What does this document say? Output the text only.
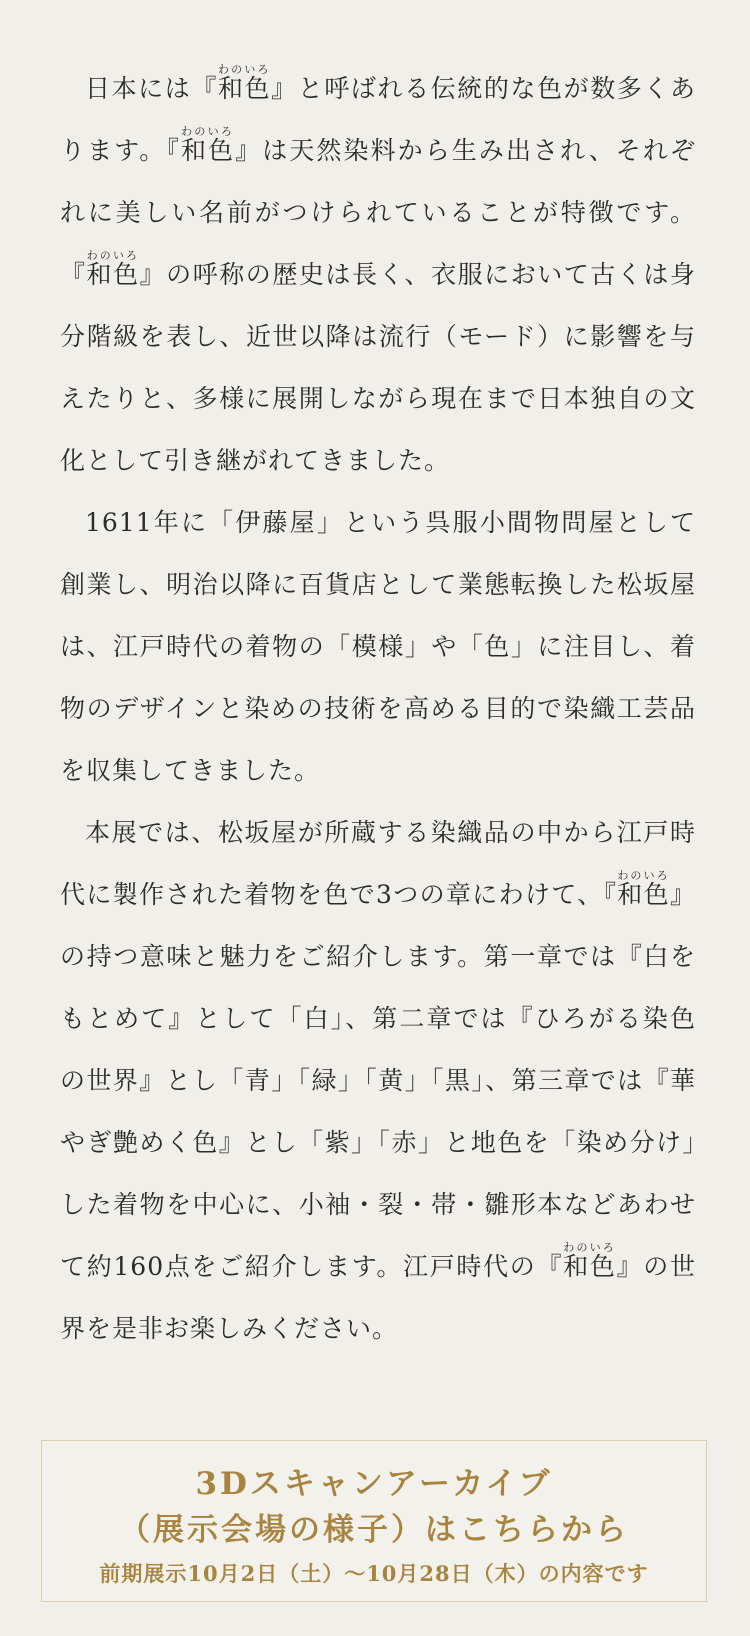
日本には『和色わのいろ』と呼ばれる伝統的な色が数多くあります。『和色わのいろ』は天然染料から生み出され、それぞれに美しい名前がつけられていることが特徴です。『和色わのいろ』の呼称の歴史は長く、衣服において古くは身分階級を表し、近世以降は流行（モード）に影響を与えたりと、多様に展開しながら現在まで日本独自の文化として引き継がれてきました。

1611年に「伊藤屋」という呉服小間物問屋として創業し、明治以降に百貨店として業態転換した松坂屋は、江戸時代の着物の「模様」や「色」に注目し、着物のデザインと染めの技術を高める目的で染織工芸品を収集してきました。

本展では、松坂屋が所蔵する染織品の中から江戸時代に製作された着物を色で3つの章にわけて、『和色わのいろ』の持つ意味と魅力をご紹介します。第一章では『白をもとめて』として「白」、第二章では『ひろがる染色の世界』とし「青」「緑」「黄」「黒」、第三章では『華やぎ艶めく色』とし「紫」「赤」と地色を「染め分け」した着物を中心に、小袖・裂・帯・雛形本などあわせて約160点をご紹介します。江戸時代の『和色わのいろ』の世界を是非お楽しみください。

3Dスキャンアーカイブ
（展示会場の様子）はこちらから
前期展示10月2日（土）〜10月28日（木）の内容です
